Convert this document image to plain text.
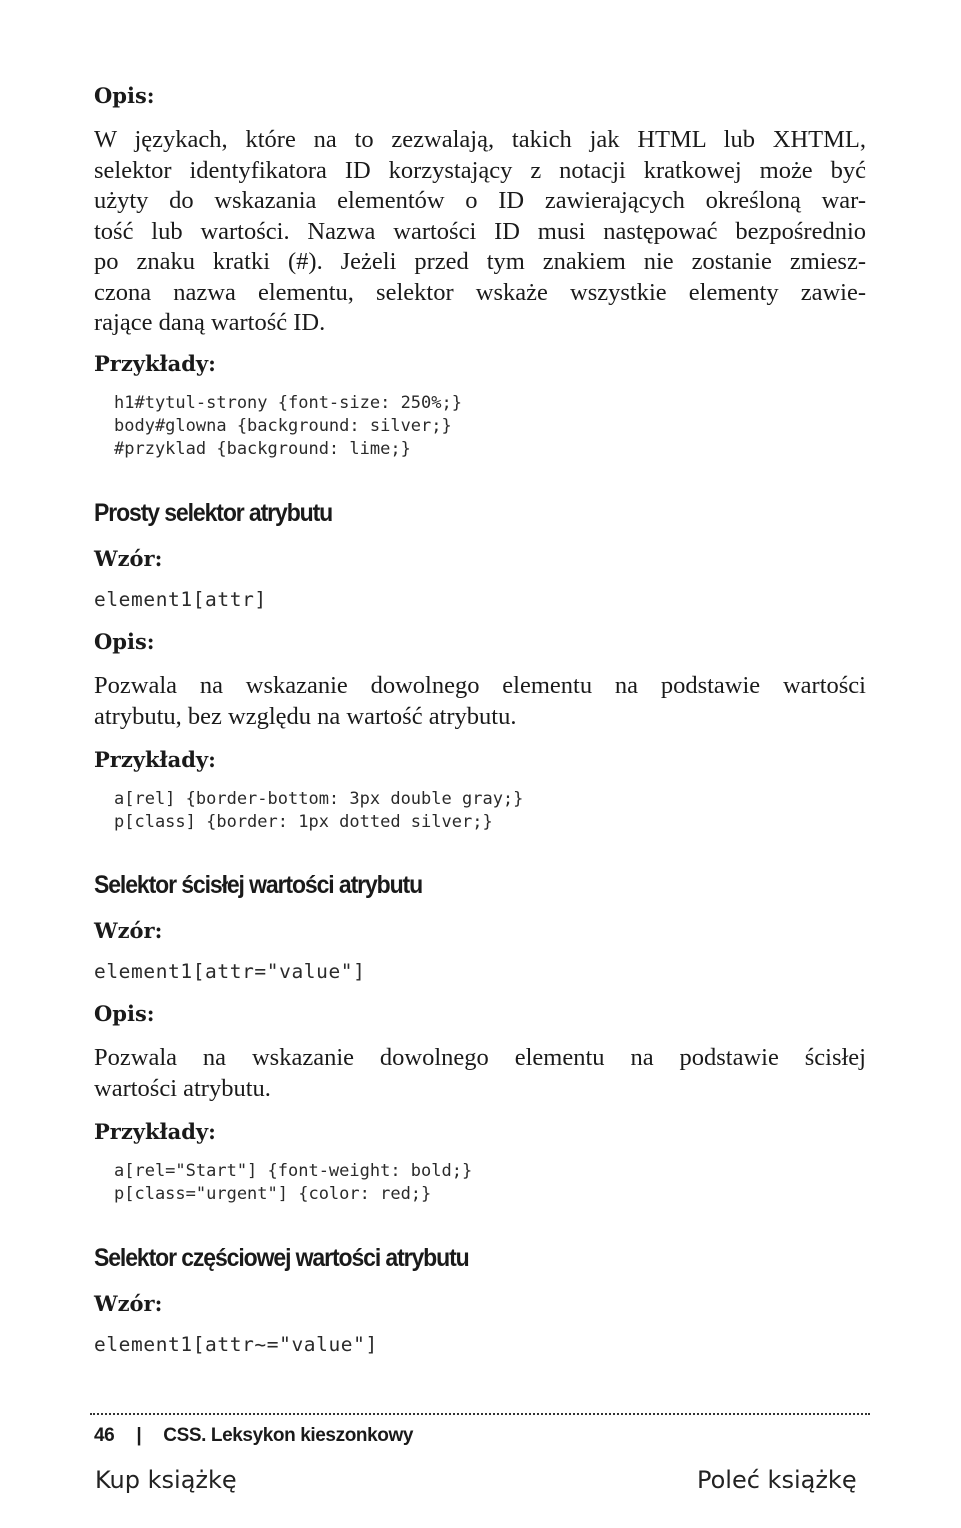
Opis:

W językach, które na to zezwalają, takich jak HTML lub XHTML,

selektor identyfikatora ID korzystający z notacji kratkowej może być

użyty do wskazania elementów o ID zawierających określoną war-

tość lub wartości. Nazwa wartości ID musi następować bezpośrednio

po znaku kratki (#). Jeżeli przed tym znakiem nie zostanie zmiesz-

czona nazwa elementu, selektor wskaże wszystkie elementy zawie-

rające daną wartość ID.

Przykłady:

h1#tytul-strony {font-size: 250%;}

body#glowna {background: silver;}

#przyklad {background: lime;}

Prosty selektor atrybutu

Wzór:

element1[attr]

Opis:

Pozwala na wskazanie dowolnego elementu na podstawie wartości

atrybutu, bez względu na wartość atrybutu.

Przykłady:

a[rel] {border-bottom: 3px double gray;}

p[class] {border: 1px dotted silver;}

Selektor ścisłej wartości atrybutu

Wzór:

element1[attr="value"]

Opis:

Pozwala na wskazanie dowolnego elementu na podstawie ścisłej

wartości atrybutu.

Przykłady:

a[rel="Start"] {font-weight: bold;}

p[class="urgent"] {color: red;}

Selektor częściowej wartości atrybutu

Wzór:

element1[attr~="value"]

46 | CSS. Leksykon kieszonkowy
Kup książkę	Poleć książkę
